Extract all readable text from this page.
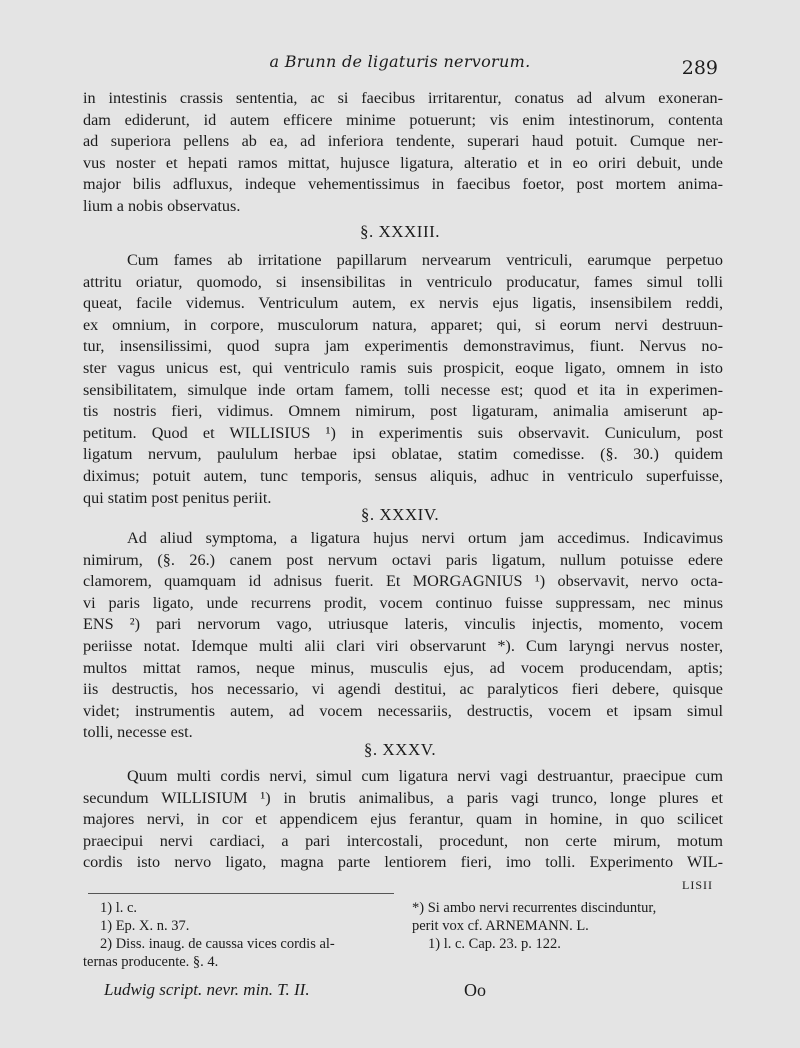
a Brunn de ligaturis nervorum.	289
in intestinis crassis sententia, ac si faecibus irritarentur, conatus ad alvum exoneran-
dam ediderunt, id autem efficere minime potuerunt; vis enim intestinorum, contenta
ad superiora pellens ab ea, ad inferiora tendente, superari haud potuit. Cumque ner-
vus noster et hepati ramos mittat, hujusce ligatura, alteratio et in eo oriri debuit, unde
major bilis adfluxus, indeque vehementissimus in faecibus foetor, post mortem anima-
lium a nobis observatus.
§. XXXIII.
Cum fames ab irritatione papillarum nervearum ventriculi, earumque perpetuo
attritu oriatur, quomodo, si insensibilitas in ventriculo producatur, fames simul tolli
queat, facile videmus. Ventriculum autem, ex nervis ejus ligatis, insensibilem reddi,
ex omnium, in corpore, musculorum natura, apparet; qui, si eorum nervi destruun-
tur, insensilissimi, quod supra jam experimentis demonstravimus, fiunt. Nervus no-
ster vagus unicus est, qui ventriculo ramis suis prospicit, eoque ligato, omnem in isto
sensibilitatem, simulque inde ortam famem, tolli necesse est; quod et ita in experimen-
tis nostris fieri, vidimus. Omnem nimirum, post ligaturam, animalia amiserunt ap-
petitum. Quod et WILLISIUS ¹) in experimentis suis observavit. Cuniculum, post
ligatum nervum, paululum herbae ipsi oblatae, statim comedisse. (§. 30.) quidem
diximus; potuit autem, tunc temporis, sensus aliquis, adhuc in ventriculo superfuisse,
qui statim post penitus periit.
§. XXXIV.
Ad aliud symptoma, a ligatura hujus nervi ortum jam accedimus. Indicavimus
nimirum, (§. 26.) canem post nervum octavi paris ligatum, nullum potuisse edere
clamorem, quamquam id adnisus fuerit. Et MORGAGNIUS ¹) observavit, nervo octa-
vi paris ligato, unde recurrens prodit, vocem continuo fuisse suppressam, nec minus
ENS ²) pari nervorum vago, utriusque lateris, vinculis injectis, momento, vocem
periisse notat. Idemque multi alii clari viri observarunt *). Cum laryngi nervus noster,
multos mittat ramos, neque minus, musculis ejus, ad vocem producendam, aptis;
iis destructis, hos necessario, vi agendi destitui, ac paralyticos fieri debere, quisque
videt; instrumentis autem, ad vocem necessariis, destructis, vocem et ipsam simul
tolli, necesse est.
§. XXXV.
Quum multi cordis nervi, simul cum ligatura nervi vagi destruantur, praecipue cum
secundum WILLISIUM ¹) in brutis animalibus, a paris vagi trunco, longe plures et
majores nervi, in cor et appendicem ejus ferantur, quam in homine, in quo scilicet
praecipui nervi cardiaci, a pari intercostali, procedunt, non certe mirum, motum
cordis isto nervo ligato, magna parte lentiorem fieri, imo tolli. Experimento WIL-
LISII
1) l. c.
1) Ep. X. n. 37.
2) Diss. inaug. de caussa vices cordis al-
ternas producente. §. 4.
*) Si ambo nervi recurrentes discinduntur,
perit vox cf. ARNEMANN. L.
1) l. c. Cap. 23. p. 122.
Ludwig script. nevr. min. T. II.	Oo
